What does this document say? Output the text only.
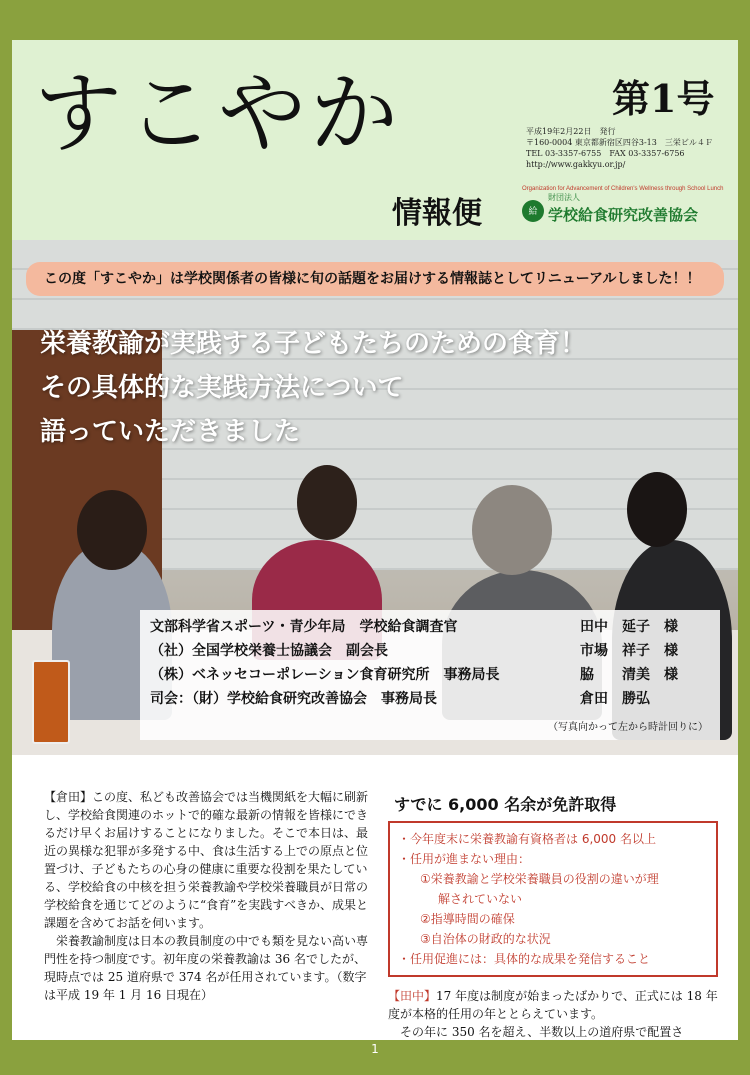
すこやか
情報便
第1号
平成19年2月22日　発行
〒160-0004 東京都新宿区四谷3-13　三栄ビル４Ｆ
TEL 03-3357-6755　FAX 03-3357-6756
http://www.gakkyu.or.jp/
Organization for Advancement of Children's Wellness through School Lunch
給
財団法人
学校給食研究改善協会
この度「すこやか」は学校関係者の皆様に旬の話題をお届けする情報誌としてリニューアルしました！！
栄養教諭が実践する子どもたちのための食育！
その具体的な実践方法について
語っていただきました
文部科学省スポーツ・青少年局　学校給食調査官	田中　延子　様
（社）全国学校栄養士協議会　副会長	市場　祥子　様
（株）ベネッセコーポレーション食育研究所　事務局長	脇　　清美　様
司会：（財）学校給食研究改善協会　事務局長	倉田　勝弘
（写真向かって左から時計回りに）

【倉田】この度、私ども改善協会では当機関紙を大幅に刷新し、学校給食関連のホットで的確な最新の情報を皆様にできるだけ早くお届けすることになりました。そこで本日は、最近の異様な犯罪が多発する中、食は生活する上での原点と位置づけ、子どもたちの心身の健康に重要な役割を果たしている、学校給食の中核を担う栄養教諭や学校栄養職員が日常の学校給食を通じてどのように“食育”を実践すべきか、成果と課題を含めてお話を伺います。

栄養教諭制度は日本の教員制度の中でも類を見ない高い専門性を持つ制度です。初年度の栄養教諭は 36 名でしたが、現時点では 25 道府県で 374 名が任用されています。（数字は平成 19 年 1 月 16 日現在）

すでに 6,000 名余が免許取得
・今年度末に栄養教諭有資格者は 6,000 名以上
・任用が進まない理由：
①栄養教諭と学校栄養職員の役割の違いが理
解されていない
②指導時間の確保
③自治体の財政的な状況
・任用促進には：具体的な成果を発信すること
【田中】17 年度は制度が始まったばかりで、正式には 18 年度が本格的任用の年ととらえています。
その年に 350 名を超え、半数以上の道府県で配置さ
1
